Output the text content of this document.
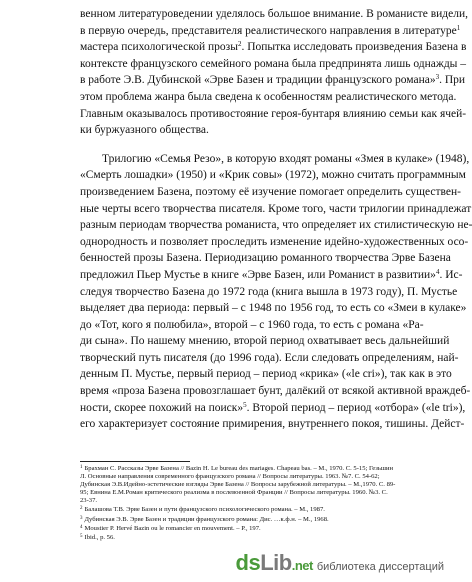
венном литературоведении уделялось большое внимание. В романисте видели,
в первую очередь, представителя реалистического направления в литературе$^1$
мастера психологической прозы$^2$. Попытка исследовать произведения Базена в
контексте французского семейного романа была предпринята лишь однажды –
в работе Э.В. Дубинской «Эрве Базен и традиции французского романа»$^3$. При
этом проблема жанра была сведена к особенностям реалистического метода.
Главным оказывалось противостояние героя-бунтаря влиянию семьи как ячей-
ки буржуазного общества.
Трилогию «Семья Резо», в которую входят романы «Змея в кулаке» (1948),
«Смерть лошадки» (1950) и «Крик совы» (1972), можно считать программным
произведением Базена, поэтому её изучение помогает определить существен-
ные черты всего творчества писателя. Кроме того, части трилогии принадлежат
разным периодам творчества романиста, что определяет их стилистическую не-
однородность и позволяет проследить изменение идейно-художественных осо-
бенностей прозы Базена. Периодизацию романного творчества Эрве Базена
предложил Пьер Мустье в книге «Эрве Базен, или Романист в развитии»$^4$. Ис-
следуя творчество Базена до 1972 года (книга вышла в 1973 году), П. Мустье
выделяет два периода: первый – с 1948 по 1956 год, то есть со «Змеи в кулаке»
до «Тот, кого я полюбила», второй – с 1960 года, то есть с романа «Ра-
ди сына». По нашему мнению, второй период охватывает весь дальнейший
творческий путь писателя (до 1996 года). Если следовать определениям, най-
денным П. Мустье, первый период – период «крика» («le cri»), так как в это
время «проза Базена провозглашает бунт, далёкий от всякой активной враждеб-
ности, скорее похожий на поиск»$^5$. Второй период – период «отбора» («le tri»),
его характеризует состояние примирения, внутреннего покоя, тишины. Дейст-
$^1$ Брахман С. Рассказы Эрве Базена // Bazin H. Le bureau des mariages. Chapeau bas. – М., 1970. С. 5-15; Гезьшин
Л. Основные направления современного французского романа // Вопросы литературы. 1963. №7. С. 54-62;
Дубинская Э.В.Идейно-эстетические взгляды Эрве Базена // Вопросы зарубежной литературы. – М.,1970. С. 89-
95; Евнина Е.М.Роман критического реализма в послевоенной Франции // Вопросы литературы. 1960. №3. С.
23-37.
$^2$ Балашова Т.В. Эрве Базен и пути французского психологического романа. – М., 1987.
$^3$ Дубинская Э.В. Эрве Базен и традиции французского романа: Дис. …к.ф.н. – М., 1968.
$^4$ Moustier P. Hervé Bazin ou le romancier en mouvement. – P., 197.
$^5$ Ibid., p. 56.
dsLib.net библиотека диссертаций
